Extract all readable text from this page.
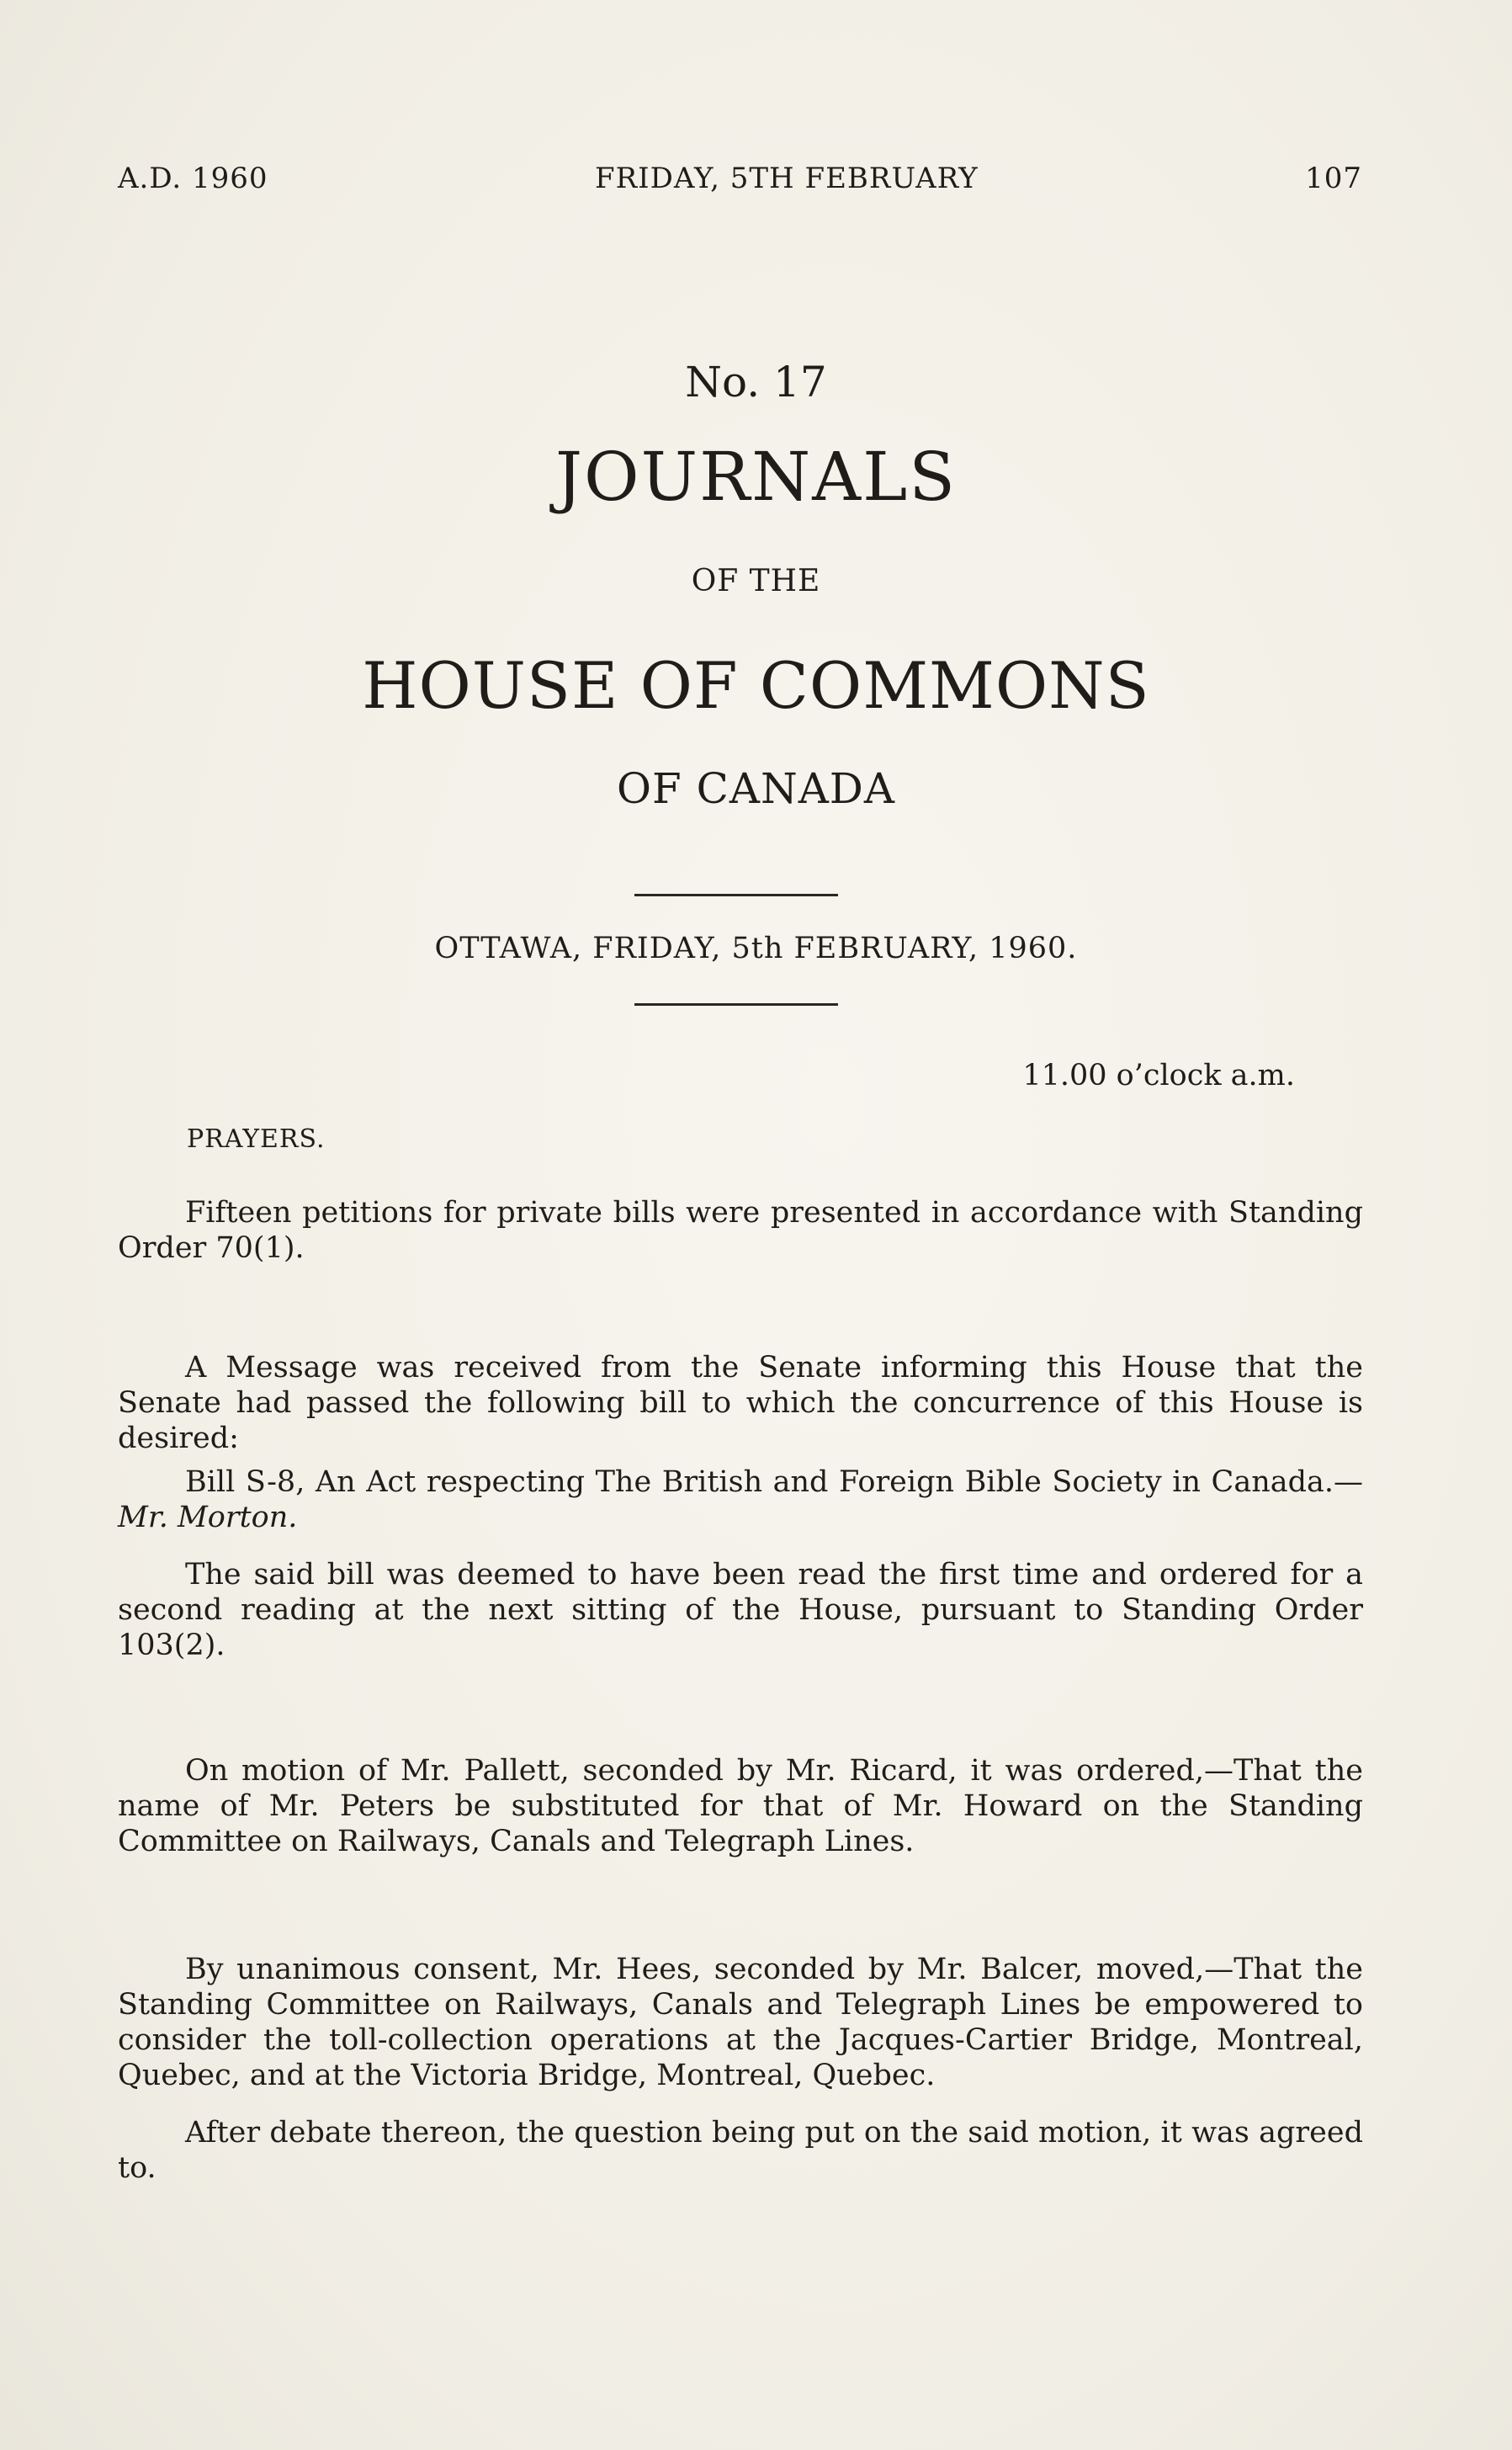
A.D. 1960	FRIDAY, 5TH FEBRUARY	107
No. 17
JOURNALS
OF THE
HOUSE OF COMMONS
OF CANADA
OTTAWA, FRIDAY, 5th FEBRUARY, 1960.
11.00 o’clock a.m.
PRAYERS.

Fifteen petitions for private bills were presented in accordance with Standing Order 70(1).

A Message was received from the Senate informing this House that the Senate had passed the following bill to which the concurrence of this House is desired:

Bill S-8, An Act respecting The British and Foreign Bible Society in Canada.—Mr. Morton.

The said bill was deemed to have been read the first time and ordered for a second reading at the next sitting of the House, pursuant to Standing Order 103(2).

On motion of Mr. Pallett, seconded by Mr. Ricard, it was ordered,—That the name of Mr. Peters be substituted for that of Mr. Howard on the Standing Committee on Railways, Canals and Telegraph Lines.

By unanimous consent, Mr. Hees, seconded by Mr. Balcer, moved,—That the Standing Committee on Railways, Canals and Telegraph Lines be empowered to consider the toll-collection operations at the Jacques-Cartier Bridge, Montreal, Quebec, and at the Victoria Bridge, Montreal, Quebec.

After debate thereon, the question being put on the said motion, it was agreed to.
